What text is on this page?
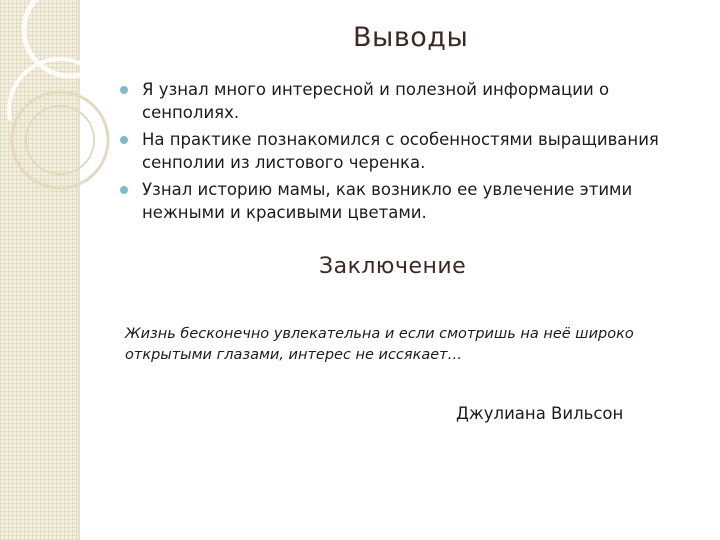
Выводы
Я узнал много интересной и полезной информации о сенполиях.
На практике познакомился с особенностями выращивания сенполии из листового черенка.
Узнал историю мамы, как возникло ее увлечение этими нежными и красивыми цветами.
Заключение
Жизнь бесконечно увлекательна и если смотришь на неё широко открытыми глазами, интерес не иссякает…
Джулиана Вильсон
